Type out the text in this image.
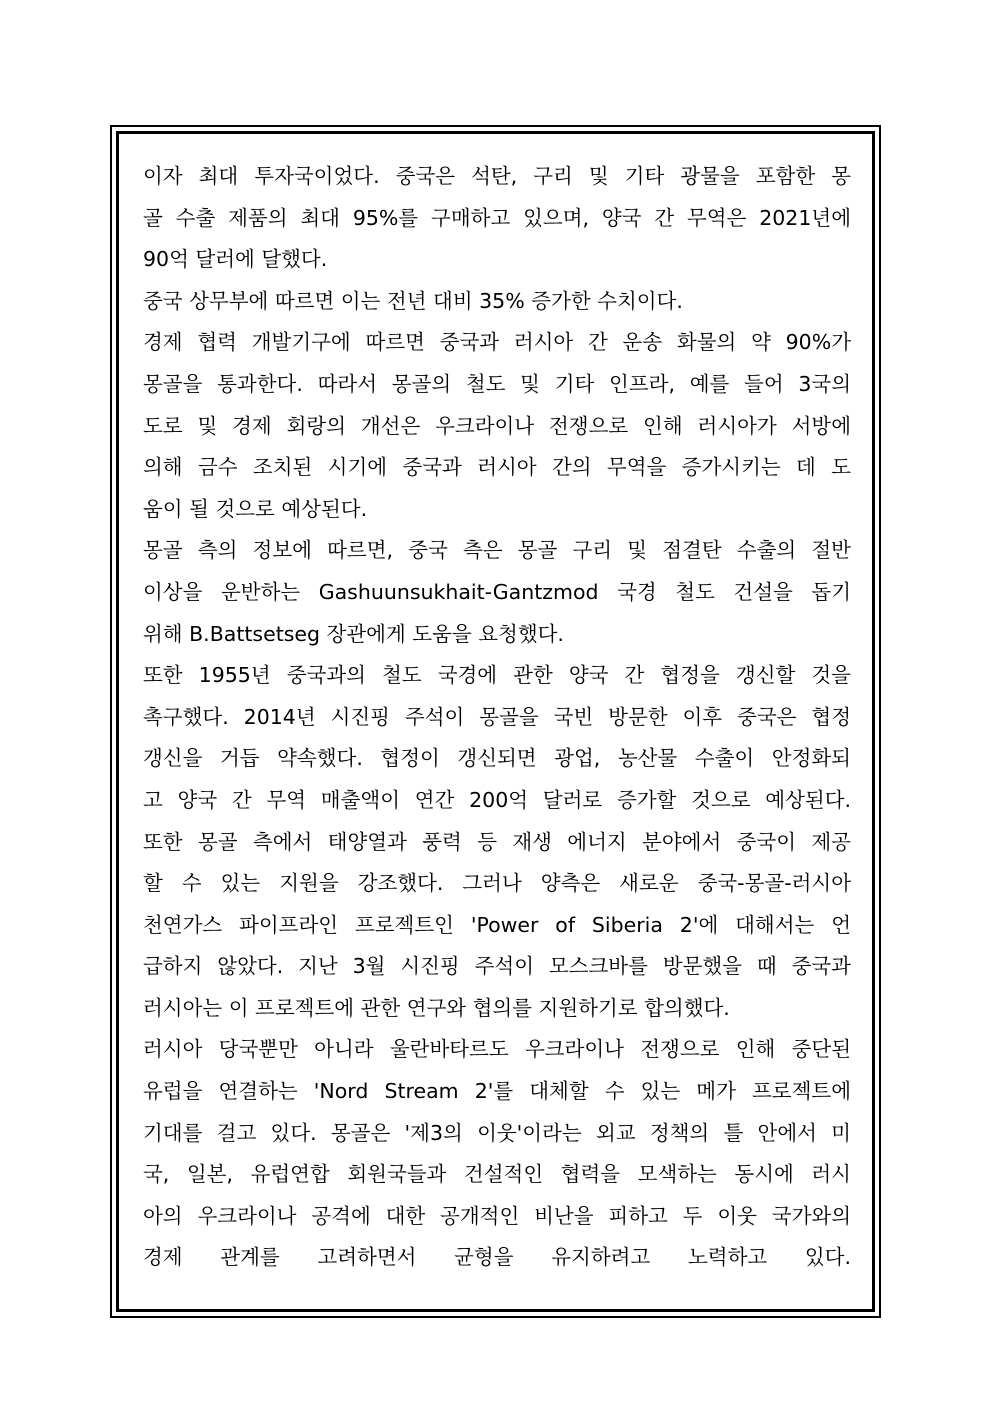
이자 최대 투자국이었다. 중국은 석탄, 구리 및 기타 광물을 포함한 몽
골 수출 제품의 최대 95%를 구매하고 있으며, 양국 간 무역은 2021년에
90억 달러에 달했다.
중국 상무부에 따르면 이는 전년 대비 35% 증가한 수치이다.
경제 협력 개발기구에 따르면 중국과 러시아 간 운송 화물의 약 90%가
몽골을 통과한다. 따라서 몽골의 철도 및 기타 인프라, 예를 들어 3국의
도로 및 경제 회랑의 개선은 우크라이나 전쟁으로 인해 러시아가 서방에
의해 금수 조치된 시기에 중국과 러시아 간의 무역을 증가시키는 데 도
움이 될 것으로 예상된다.
몽골 측의 정보에 따르면, 중국 측은 몽골 구리 및 점결탄 수출의 절반
이상을 운반하는 Gashuunsukhait-Gantzmod 국경 철도 건설을 돕기
위해 B.Battsetseg 장관에게 도움을 요청했다.
또한 1955년 중국과의 철도 국경에 관한 양국 간 협정을 갱신할 것을
촉구했다. 2014년 시진핑 주석이 몽골을 국빈 방문한 이후 중국은 협정
갱신을 거듭 약속했다. 협정이 갱신되면 광업, 농산물 수출이 안정화되
고 양국 간 무역 매출액이 연간 200억 달러로 증가할 것으로 예상된다.
또한 몽골 측에서 태양열과 풍력 등 재생 에너지 분야에서 중국이 제공
할 수 있는 지원을 강조했다. 그러나 양측은 새로운 중국-몽골-러시아
천연가스 파이프라인 프로젝트인 'Power of Siberia 2'에 대해서는 언
급하지 않았다. 지난 3월 시진핑 주석이 모스크바를 방문했을 때 중국과
러시아는 이 프로젝트에 관한 연구와 협의를 지원하기로 합의했다.
러시아 당국뿐만 아니라 울란바타르도 우크라이나 전쟁으로 인해 중단된
유럽을 연결하는 'Nord Stream 2'를 대체할 수 있는 메가 프로젝트에
기대를 걸고 있다. 몽골은 '제3의 이웃'이라는 외교 정책의 틀 안에서 미
국, 일본, 유럽연합 회원국들과 건설적인 협력을 모색하는 동시에 러시
아의 우크라이나 공격에 대한 공개적인 비난을 피하고 두 이웃 국가와의
경제 관계를 고려하면서 균형을 유지하려고 노력하고 있다.
